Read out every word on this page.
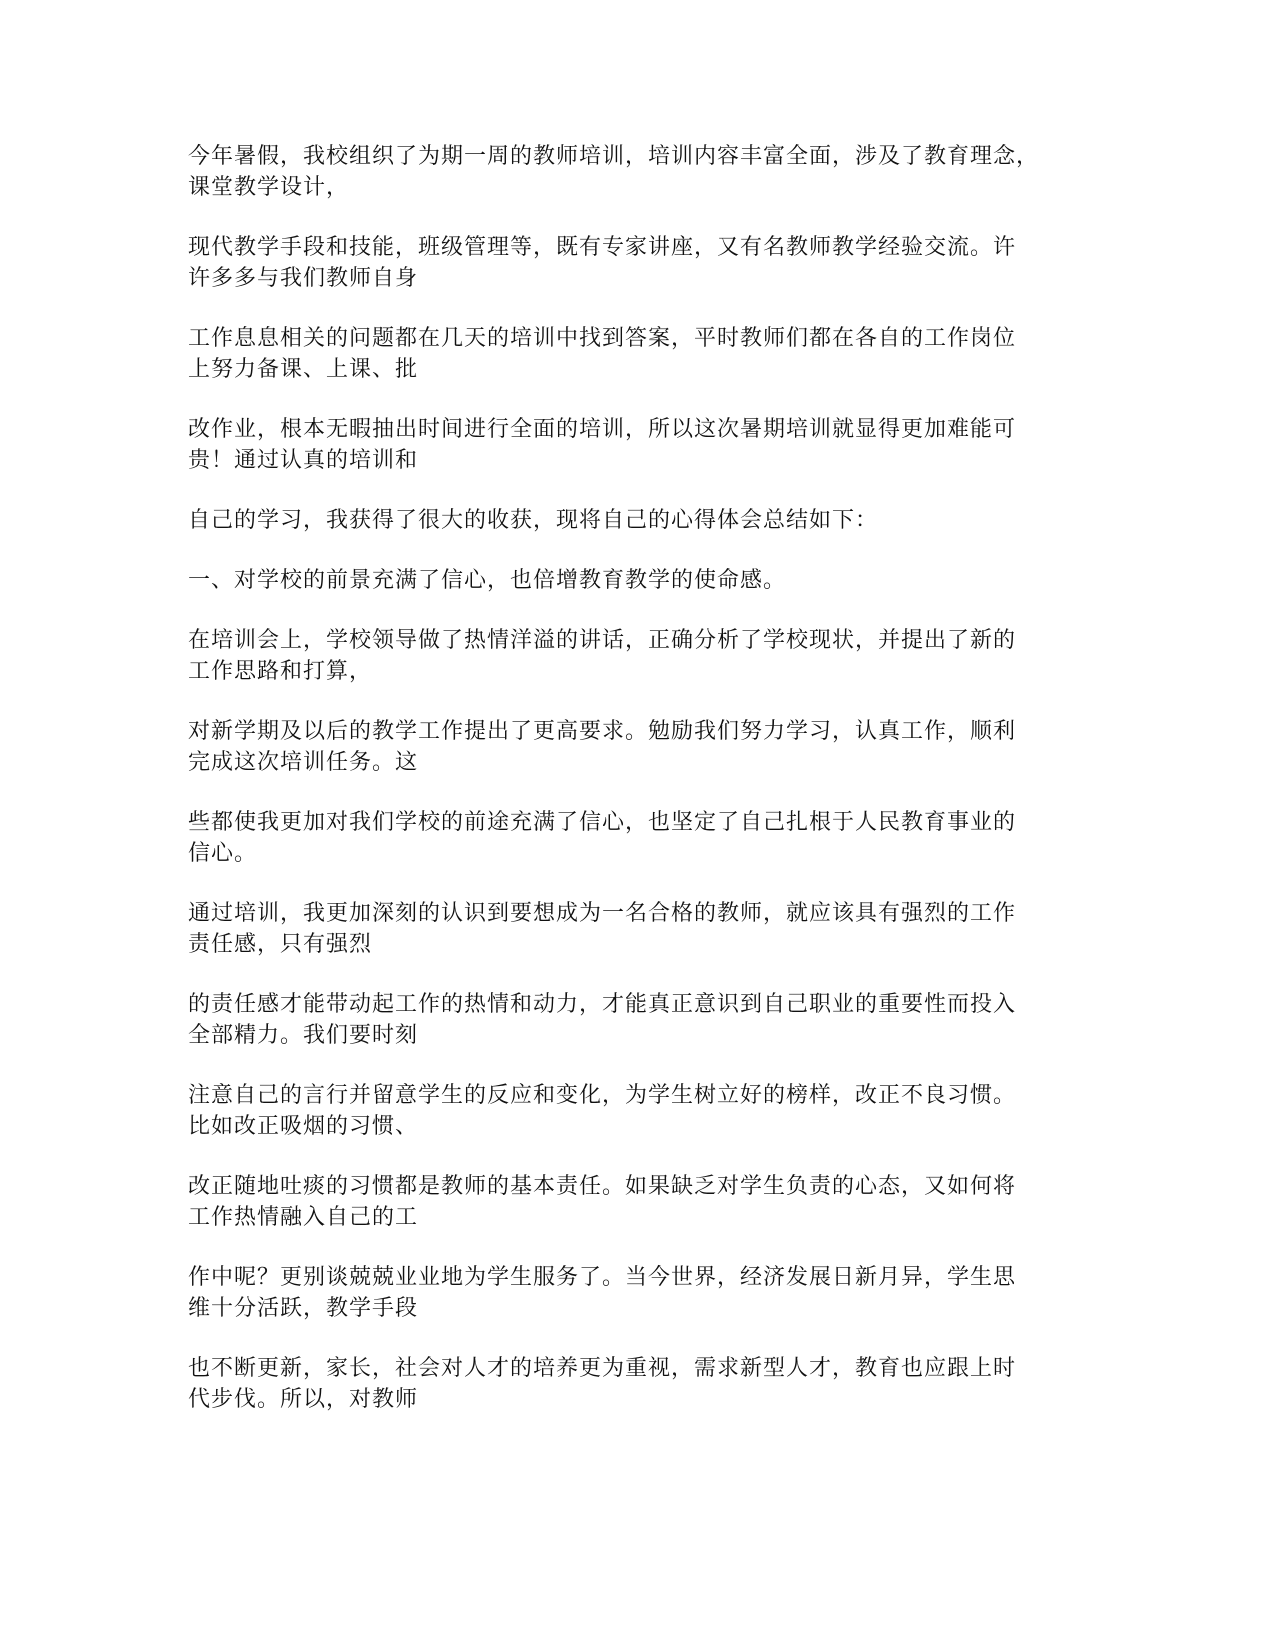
今年暑假，我校组织了为期一周的教师培训，培训内容丰富全面，涉及了教育理念，
课堂教学设计，

现代教学手段和技能，班级管理等，既有专家讲座，又有名教师教学经验交流。许
许多多与我们教师自身

工作息息相关的问题都在几天的培训中找到答案，平时教师们都在各自的工作岗位
上努力备课、上课、批

改作业，根本无暇抽出时间进行全面的培训，所以这次暑期培训就显得更加难能可
贵！通过认真的培训和

自己的学习，我获得了很大的收获，现将自己的心得体会总结如下：

一、对学校的前景充满了信心，也倍增教育教学的使命感。

在培训会上，学校领导做了热情洋溢的讲话，正确分析了学校现状，并提出了新的
工作思路和打算，

对新学期及以后的教学工作提出了更高要求。勉励我们努力学习，认真工作，顺利
完成这次培训任务。这

些都使我更加对我们学校的前途充满了信心，也坚定了自己扎根于人民教育事业的
信心。

通过培训，我更加深刻的认识到要想成为一名合格的教师，就应该具有强烈的工作
责任感，只有强烈

的责任感才能带动起工作的热情和动力，才能真正意识到自己职业的重要性而投入
全部精力。我们要时刻

注意自己的言行并留意学生的反应和变化，为学生树立好的榜样，改正不良习惯。
比如改正吸烟的习惯、

改正随地吐痰的习惯都是教师的基本责任。如果缺乏对学生负责的心态，又如何将
工作热情融入自己的工

作中呢？更别谈兢兢业业地为学生服务了。当今世界，经济发展日新月异，学生思
维十分活跃，教学手段

也不断更新，家长，社会对人才的培养更为重视，需求新型人才，教育也应跟上时
代步伐。所以，对教师
